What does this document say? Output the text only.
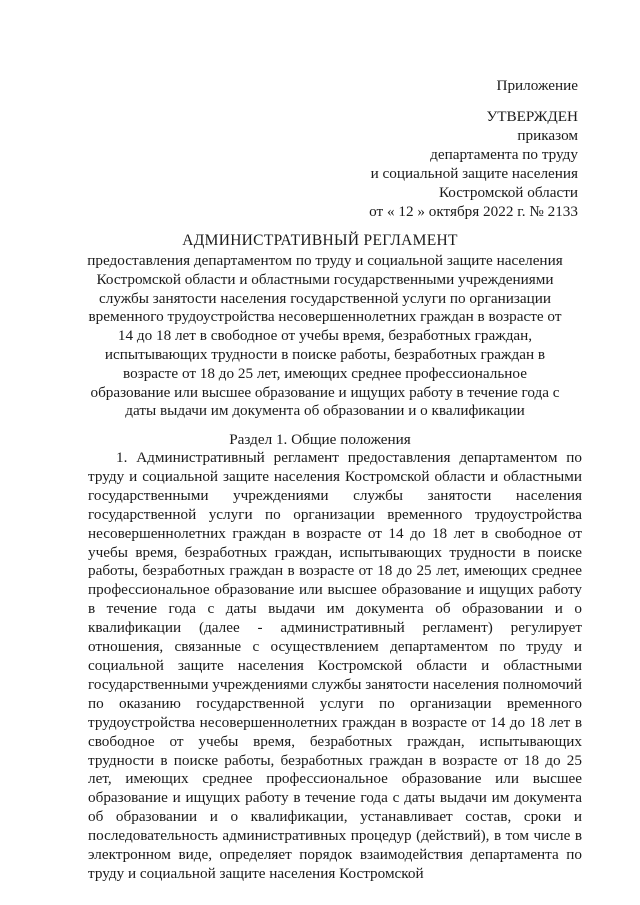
Приложение
УТВЕРЖДЕН
приказом
департамента по труду
и социальной защите населения
Костромской области
от « 12 » октября 2022 г. № 2133
АДМИНИСТРАТИВНЫЙ РЕГЛАМЕНТ
предоставления департаментом по труду и социальной защите населения Костромской области и областными государственными учреждениями службы занятости населения государственной услуги по организации временного трудоустройства несовершеннолетних граждан в возрасте от 14 до 18 лет в свободное от учебы время, безработных граждан, испытывающих трудности в поиске работы, безработных граждан в возрасте от 18 до 25 лет, имеющих среднее профессиональное образование или высшее образование и ищущих работу в течение года с даты выдачи им документа об образовании и о квалификации
Раздел 1. Общие положения

1. Административный регламент предоставления департаментом по труду и социальной защите населения Костромской области и областными государственными учреждениями службы занятости населения государственной услуги по организации временного трудоустройства несовершеннолетних граждан в возрасте от 14 до 18 лет в свободное от учебы время, безработных граждан, испытывающих трудности в поиске работы, безработных граждан в возрасте от 18 до 25 лет, имеющих среднее профессиональное образование или высшее образование и ищущих работу в течение года с даты выдачи им документа об образовании и о квалификации (далее - административный регламент) регулирует отношения, связанные с осуществлением департаментом по труду и социальной защите населения Костромской области и областными государственными учреждениями службы занятости населения полномочий по оказанию государственной услуги по организации временного трудоустройства несовершеннолетних граждан в возрасте от 14 до 18 лет в свободное от учебы время, безработных граждан, испытывающих трудности в поиске работы, безработных граждан в возрасте от 18 до 25 лет, имеющих среднее профессиональное образование или высшее образование и ищущих работу в течение года с даты выдачи им документа об образовании и о квалификации, устанавливает состав, сроки и последовательность административных процедур (действий), в том числе в электронном виде, определяет порядок взаимодействия департамента по труду и социальной защите населения Костромской
